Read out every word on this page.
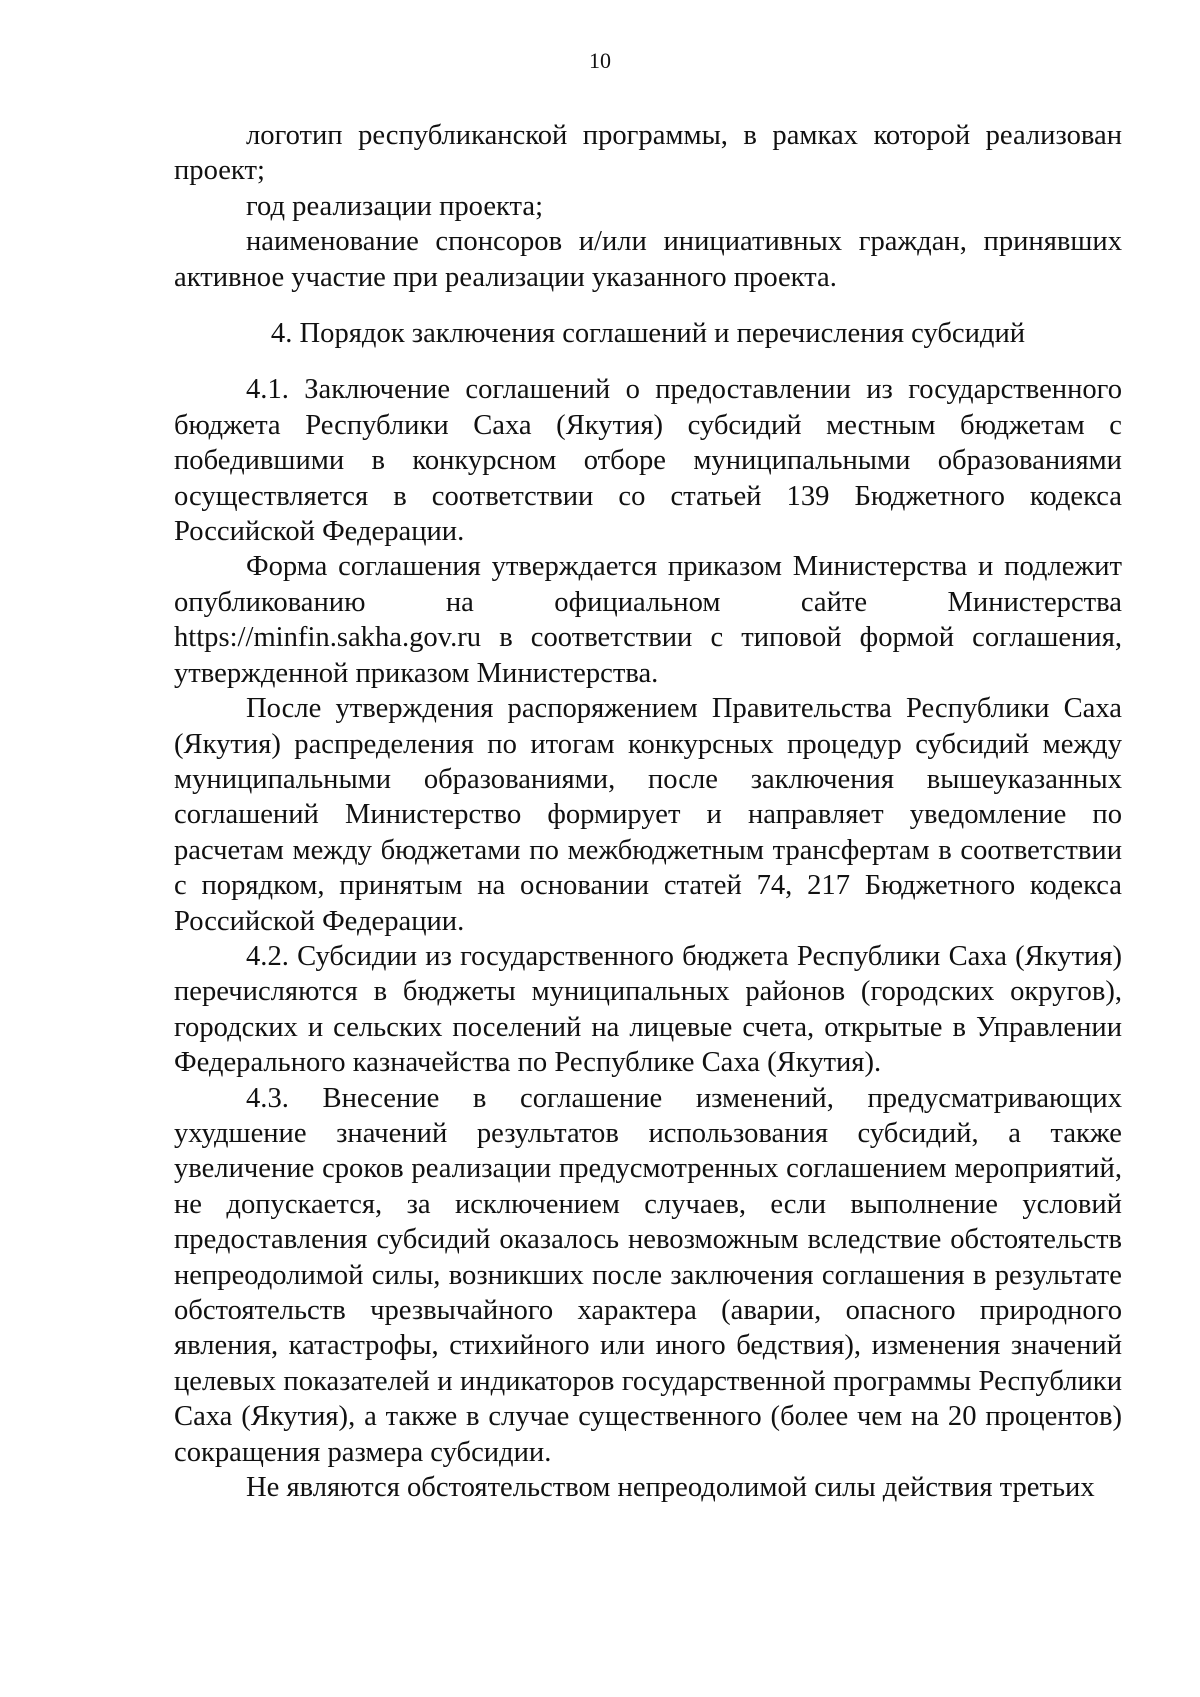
10

логотип республиканской программы, в рамках которой реализован проект;

год реализации проекта;

наименование спонсоров и/или инициативных граждан, принявших активное участие при реализации указанного проекта.

4. Порядок заключения соглашений и перечисления субсидий

4.1. Заключение соглашений о предоставлении из государственного бюджета Республики Саха (Якутия) субсидий местным бюджетам с победившими в конкурсном отборе муниципальными образованиями осуществляется в соответствии со статьей 139 Бюджетного кодекса Российской Федерации.

Форма соглашения утверждается приказом Министерства и подлежит опубликованию на официальном сайте Министерства https://minfin.sakha.gov.ru в соответствии с типовой формой соглашения, утвержденной приказом Министерства.

После утверждения распоряжением Правительства Республики Саха (Якутия) распределения по итогам конкурсных процедур субсидий между муниципальными образованиями, после заключения вышеуказанных соглашений Министерство формирует и направляет уведомление по расчетам между бюджетами по межбюджетным трансфертам в соответствии с порядком, принятым на основании статей 74, 217 Бюджетного кодекса Российской Федерации.

4.2. Субсидии из государственного бюджета Республики Саха (Якутия) перечисляются в бюджеты муниципальных районов (городских округов), городских и сельских поселений на лицевые счета, открытые в Управлении Федерального казначейства по Республике Саха (Якутия).

4.3. Внесение в соглашение изменений, предусматривающих ухудшение значений результатов использования субсидий, а также увеличение сроков реализации предусмотренных соглашением мероприятий, не допускается, за исключением случаев, если выполнение условий предоставления субсидий оказалось невозможным вследствие обстоятельств непреодолимой силы, возникших после заключения соглашения в результате обстоятельств чрезвычайного характера (аварии, опасного природного явления, катастрофы, стихийного или иного бедствия), изменения значений целевых показателей и индикаторов государственной программы Республики Саха (Якутия), а также в случае существенного (более чем на 20 процентов) сокращения размера субсидии.

Не являются обстоятельством непреодолимой силы действия третьих
